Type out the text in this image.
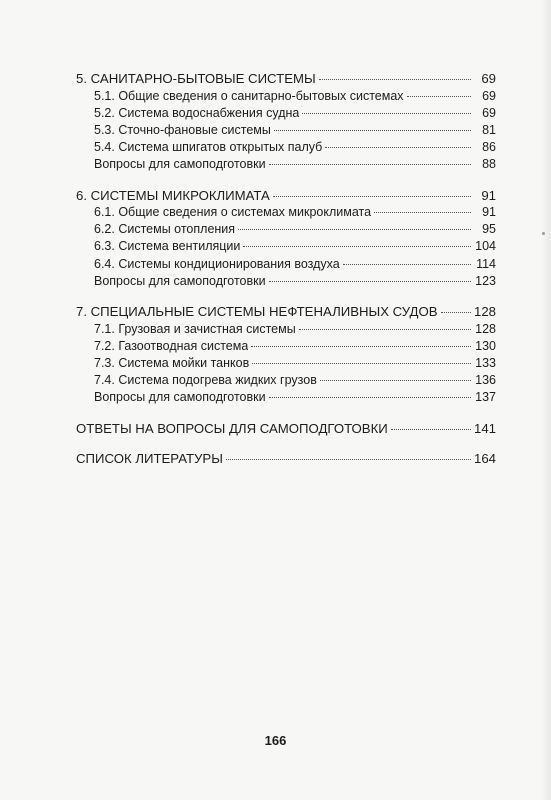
5. САНИТАРНО-БЫТОВЫЕ СИСТЕМЫ	69
5.1. Общие сведения о санитарно-бытовых системах	69
5.2. Система водоснабжения судна	69
5.3. Сточно-фановые системы	81
5.4. Система шпигатов открытых палуб	86
Вопросы для самоподготовки	88
6. СИСТЕМЫ МИКРОКЛИМАТА	91
6.1. Общие сведения о системах микроклимата	91
6.2. Системы отопления	95
6.3. Система вентиляции	104
6.4. Системы кондиционирования воздуха	114
Вопросы для самоподготовки	123
7. СПЕЦИАЛЬНЫЕ СИСТЕМЫ НЕФТЕНАЛИВНЫХ СУДОВ	128
7.1. Грузовая и зачистная системы	128
7.2. Газоотводная система	130
7.3. Система мойки танков	133
7.4. Система подогрева жидких грузов	136
Вопросы для самоподготовки	137
ОТВЕТЫ НА ВОПРОСЫ ДЛЯ САМОПОДГОТОВКИ	141
СПИСОК ЛИТЕРАТУРЫ	164
166
